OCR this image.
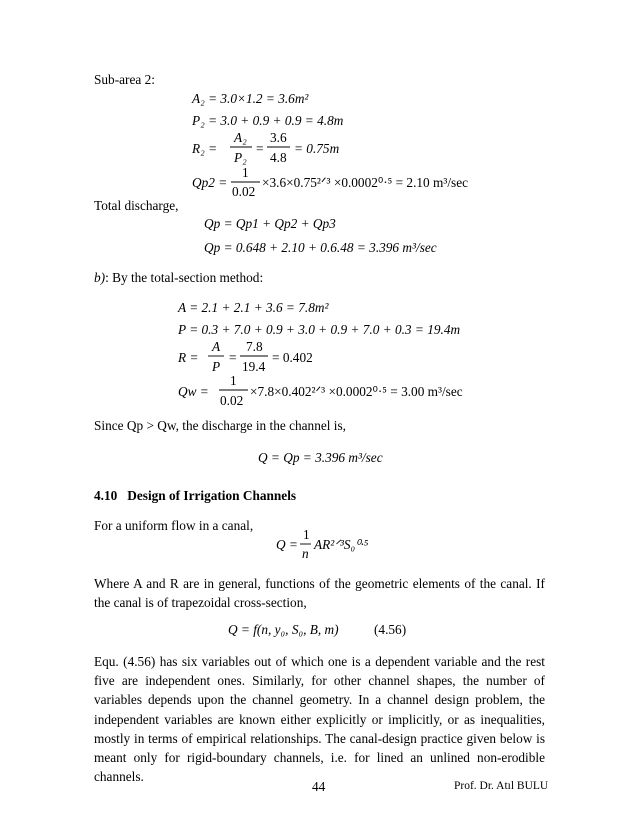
Sub-area 2:
A₂ = 3.0×1.2 = 3.6m²
P₂ = 3.0 + 0.9 + 0.9 = 4.8m
R₂ =
A₂
P₂
=
3.6
4.8
= 0.75m
Qp2 =
1
0.02
×3.6×0.75²ᐟ³ ×0.0002⁰·⁵ = 2.10 m³/sec
Total discharge,
Qp = Qp1 + Qp2 + Qp3
Qp = 0.648 + 2.10 + 0.6.48 = 3.396 m³/sec
b): By the total-section method:
A = 2.1 + 2.1 + 3.6 = 7.8m²
P = 0.3 + 7.0 + 0.9 + 3.0 + 0.9 + 7.0 + 0.3 = 19.4m
R =
A
P
=
7.8
19.4
= 0.402
Qw =
1
0.02
×7.8×0.402²ᐟ³ ×0.0002⁰·⁵ = 3.00 m³/sec
Since Qp > Qw, the discharge in the channel is,
Q = Qp = 3.396 m³/sec
4.10 Design of Irrigation Channels
For a uniform flow in a canal,
Q =
1
n
AR²ᐟ³S₀⁰·⁵
Where A and R are in general, functions of the geometric elements of the canal. If the canal is of trapezoidal cross-section,
Q = f(n, y₀, S₀, B, m)	(4.56)
Equ. (4.56) has six variables out of which one is a dependent variable and the rest five are independent ones. Similarly, for other channel shapes, the number of variables depends upon the channel geometry. In a channel design problem, the independent variables are known either explicitly or implicitly, or as inequalities, mostly in terms of empirical relationships. The canal-design practice given below is meant only for rigid-boundary channels, i.e. for lined an unlined non-erodible channels.
44	Prof. Dr. Atıl BULU
